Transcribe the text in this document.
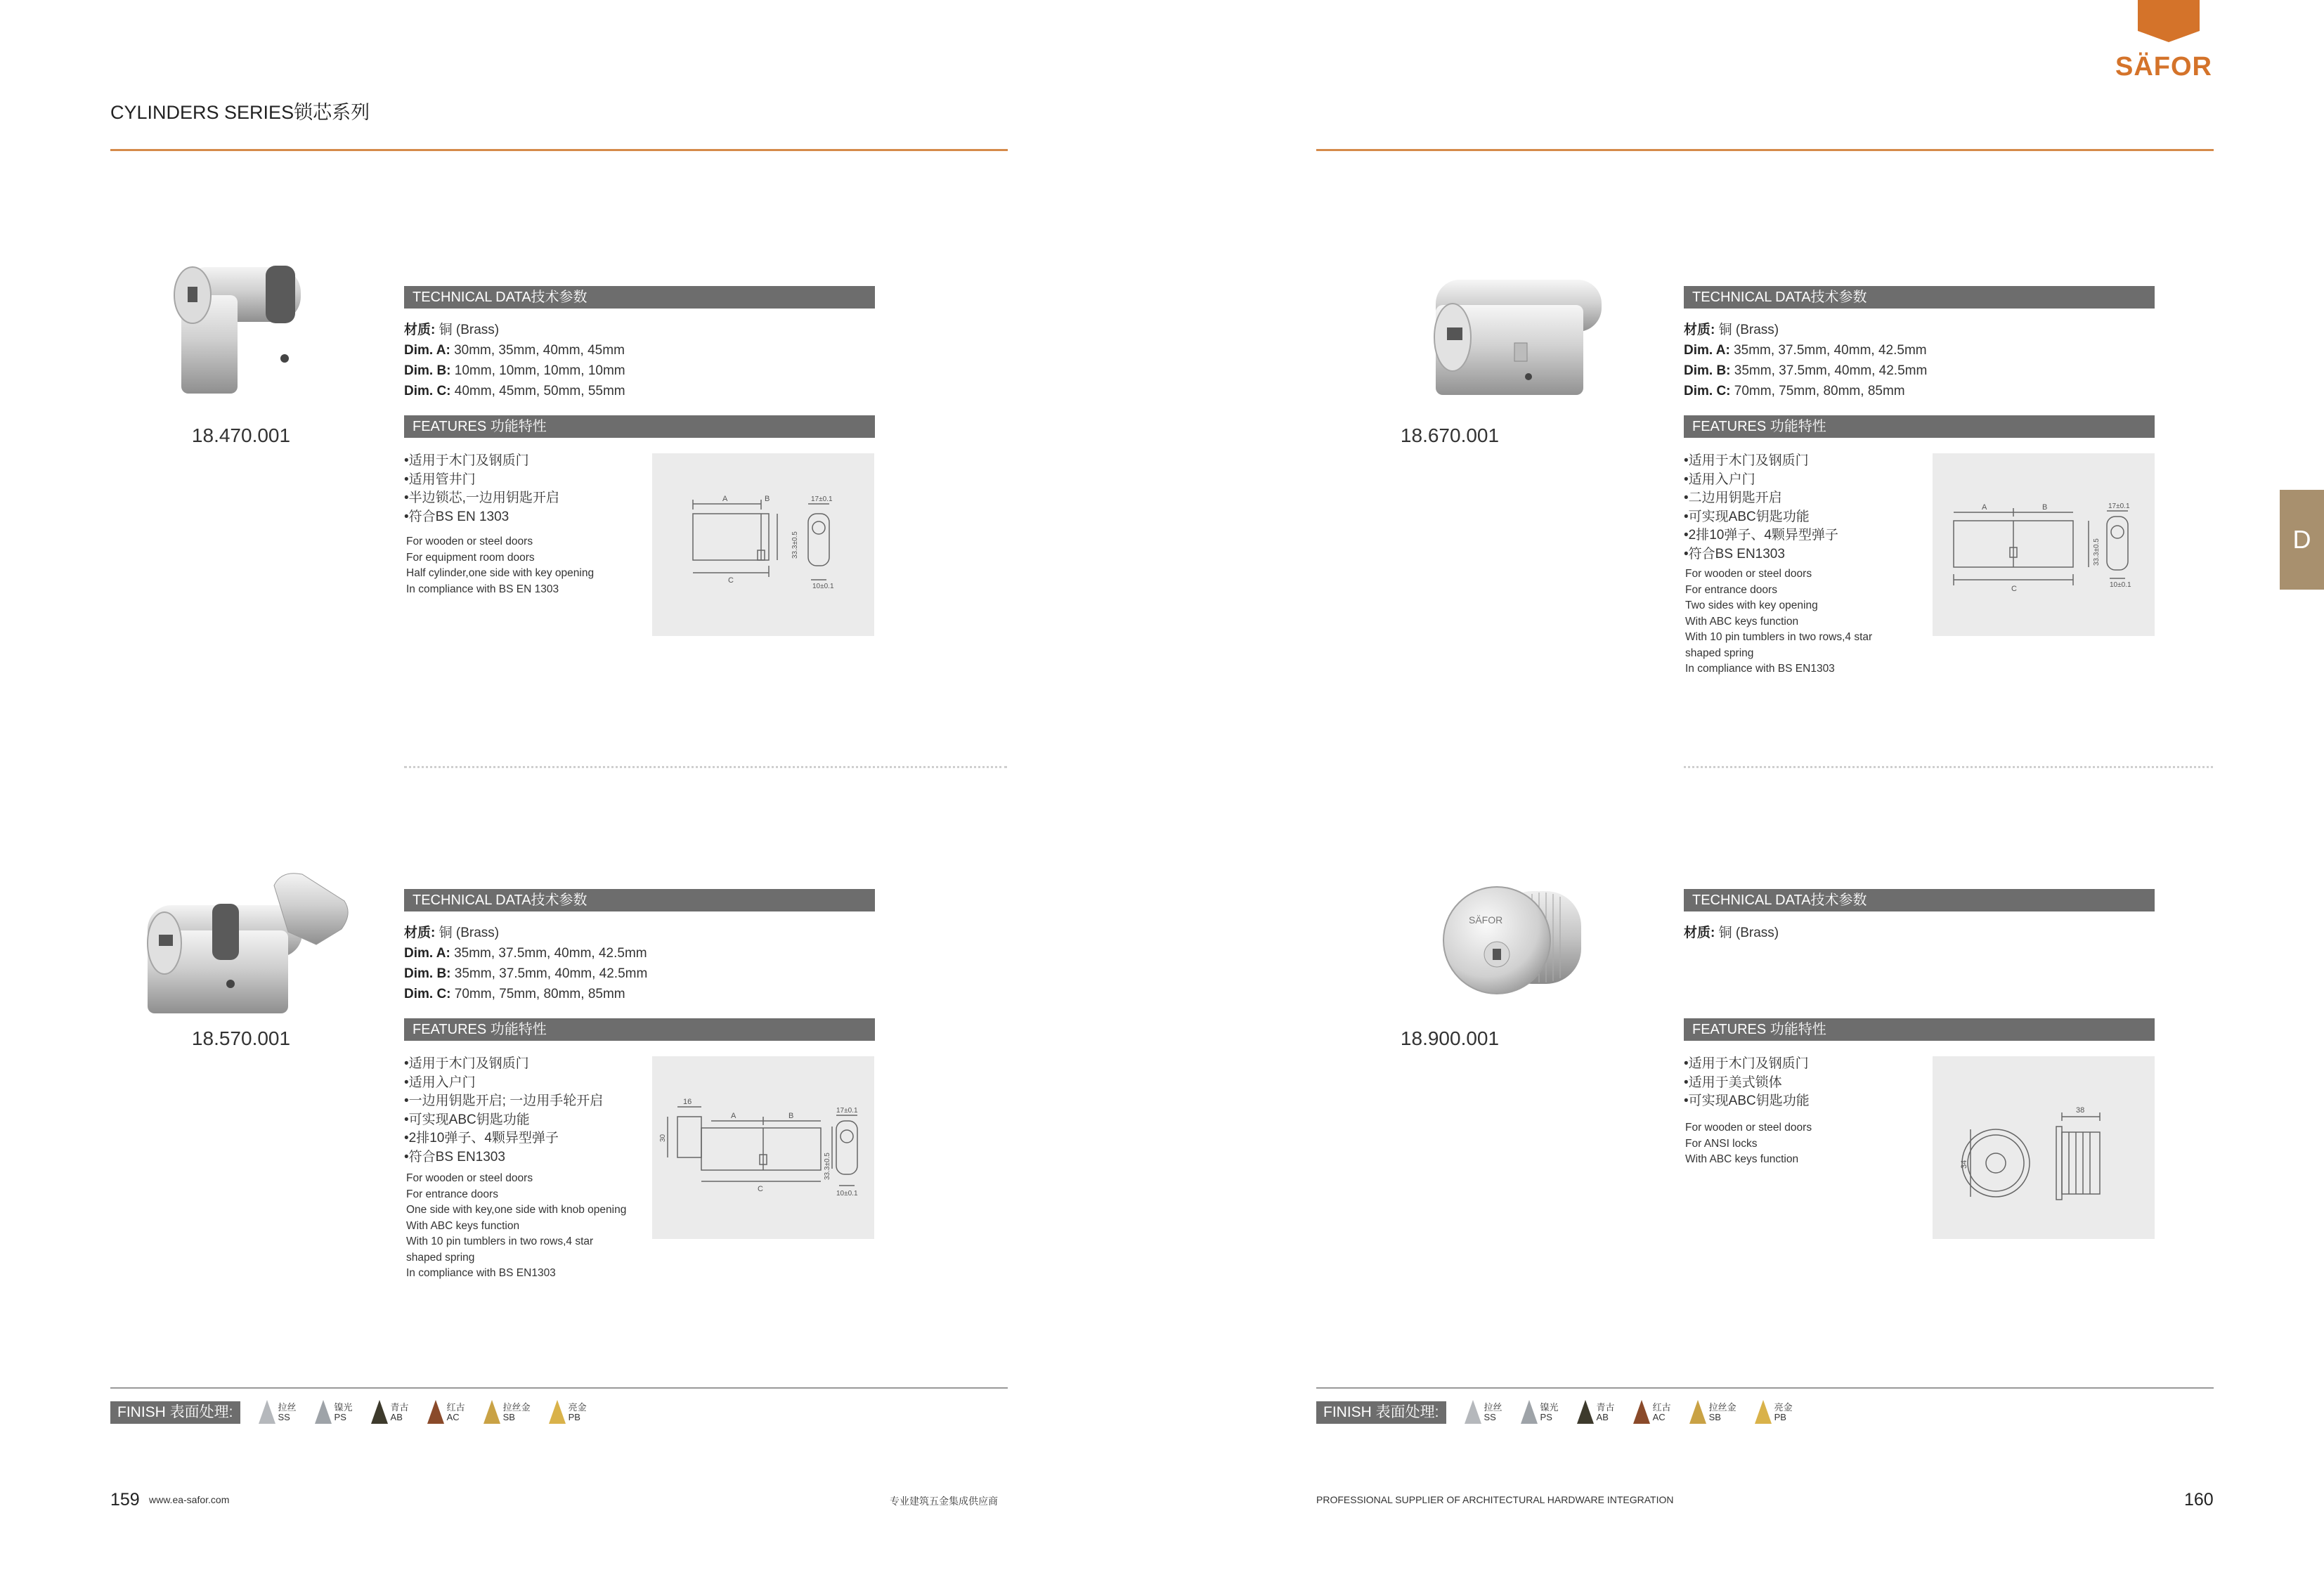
CYLINDERS SERIES锁芯系列
SÄFOR
D
18.470.001
TECHNICAL DATA技术参数
材质: 铜 (Brass)
Dim. A: 30mm, 35mm, 40mm, 45mm
Dim. B: 10mm, 10mm, 10mm, 10mm
Dim. C: 40mm, 45mm, 50mm, 55mm
FEATURES 功能特性
•适用于木门及钢质门
•适用管井门
•半边锁芯,一边用钥匙开启
•符合BS EN 1303
For wooden or steel doors
For equipment room doors
Half cylinder,one side with key opening
In compliance with BS EN 1303
A	B
C
17±0.1
10±0.1
33.3±0.5
18.670.001
TECHNICAL DATA技术参数
材质: 铜 (Brass)
Dim. A: 35mm, 37.5mm, 40mm, 42.5mm
Dim. B: 35mm, 37.5mm, 40mm, 42.5mm
Dim. C: 70mm, 75mm, 80mm, 85mm
FEATURES 功能特性
•适用于木门及钢质门
•适用入户门
•二边用钥匙开启
•可实现ABC钥匙功能
•2排10弹子、4颗异型弹子
•符合BS EN1303
For wooden or steel doors
For entrance doors
Two sides with key opening
With ABC keys function
With 10 pin tumblers in two rows,4 star
shaped spring
In compliance with BS EN1303
A	B
C
17±0.1
10±0.1
33.3±0.5
18.570.001
TECHNICAL DATA技术参数
材质: 铜 (Brass)
Dim. A: 35mm, 37.5mm, 40mm, 42.5mm
Dim. B: 35mm, 37.5mm, 40mm, 42.5mm
Dim. C: 70mm, 75mm, 80mm, 85mm
FEATURES 功能特性
•适用于木门及钢质门
•适用入户门
•一边用钥匙开启; 一边用手轮开启
•可实现ABC钥匙功能
•2排10弹子、4颗异型弹子
•符合BS EN1303
For wooden or steel doors
For entrance doors
One side with key,one side with knob opening
With ABC keys function
With 10 pin tumblers in two rows,4 star
shaped spring
In compliance with BS EN1303
16
30
A	B
C
17±0.1
10±0.1
33.3±0.5
SÄFOR
18.900.001
TECHNICAL DATA技术参数
材质: 铜 (Brass)
FEATURES 功能特性
•适用于木门及钢质门
•适用于美式锁体
•可实现ABC钥匙功能
For wooden or steel doors
For ANSI locks
With ABC keys function	34
38
FINISH 表面处理:	拉丝
SS
镍光
PS
青古
AB
红古
AC
拉丝金
SB
亮金
PB	FINISH 表面处理:	拉丝
SS
镍光
PS
青古
AB
红古
AC
拉丝金
SB
亮金
PB
159 www.ea-safor.com	专业建筑五金集成供应商	PROFESSIONAL SUPPLIER OF ARCHITECTURAL HARDWARE INTEGRATION	160
